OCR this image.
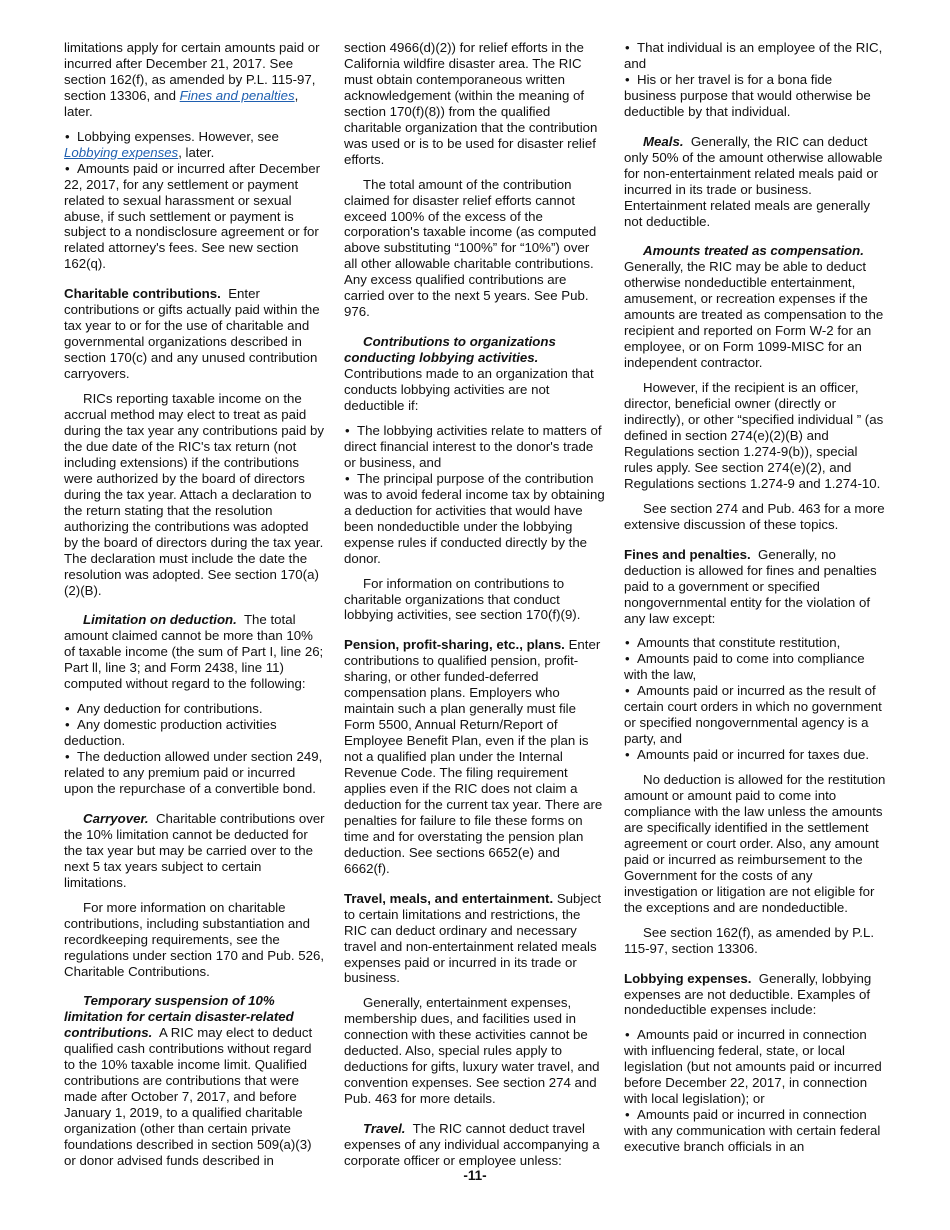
limitations apply for certain amounts paid or incurred after December 21, 2017. See section 162(f), as amended by P.L. 115-97, section 13306, and Fines and penalties, later.

• Lobbying expenses. However, see Lobbying expenses, later.

• Amounts paid or incurred after December 22, 2017, for any settlement or payment related to sexual harassment or sexual abuse, if such settlement or payment is subject to a nondisclosure agreement or for related attorney's fees. See new section 162(q).

Charitable contributions. Enter contributions or gifts actually paid within the tax year to or for the use of charitable and governmental organizations described in section 170(c) and any unused contribution carryovers.

RICs reporting taxable income on the accrual method may elect to treat as paid during the tax year any contributions paid by the due date of the RIC's tax return (not including extensions) if the contributions were authorized by the board of directors during the tax year. Attach a declaration to the return stating that the resolution authorizing the contributions was adopted by the board of directors during the tax year. The declaration must include the date the resolution was adopted. See section 170(a)(2)(B).

Limitation on deduction. The total amount claimed cannot be more than 10% of taxable income (the sum of Part I, line 26; Part ll, line 3; and Form 2438, line 11) computed without regard to the following:

• Any deduction for contributions.

• Any domestic production activities deduction.

• The deduction allowed under section 249, related to any premium paid or incurred upon the repurchase of a convertible bond.

Carryover. Charitable contributions over the 10% limitation cannot be deducted for the tax year but may be carried over to the next 5 tax years subject to certain limitations.

For more information on charitable contributions, including substantiation and recordkeeping requirements, see the regulations under section 170 and Pub. 526, Charitable Contributions.

Temporary suspension of 10% limitation for certain disaster-related contributions. A RIC may elect to deduct qualified cash contributions without regard to the 10% taxable income limit. Qualified contributions are contributions that were made after October 7, 2017, and before January 1, 2019, to a qualified charitable organization (other than certain private foundations described in section 509(a)(3) or donor advised funds described in

section 4966(d)(2)) for relief efforts in the California wildfire disaster area. The RIC must obtain contemporaneous written acknowledgement (within the meaning of section 170(f)(8)) from the qualified charitable organization that the contribution was used or is to be used for disaster relief efforts.

The total amount of the contribution claimed for disaster relief efforts cannot exceed 100% of the excess of the corporation's taxable income (as computed above substituting “100%” for “10%”) over all other allowable charitable contributions. Any excess qualified contributions are carried over to the next 5 years. See Pub. 976.

Contributions to organizations conducting lobbying activities.
Contributions made to an organization that conducts lobbying activities are not deductible if:

• The lobbying activities relate to matters of direct financial interest to the donor's trade or business, and

• The principal purpose of the contribution was to avoid federal income tax by obtaining a deduction for activities that would have been nondeductible under the lobbying expense rules if conducted directly by the donor.

For information on contributions to charitable organizations that conduct lobbying activities, see section 170(f)(9).

Pension, profit-sharing, etc., plans. Enter contributions to qualified pension, profit-sharing, or other funded-deferred compensation plans. Employers who maintain such a plan generally must file Form 5500, Annual Return/Report of Employee Benefit Plan, even if the plan is not a qualified plan under the Internal Revenue Code. The filing requirement applies even if the RIC does not claim a deduction for the current tax year. There are penalties for failure to file these forms on time and for overstating the pension plan deduction. See sections 6652(e) and 6662(f).

Travel, meals, and entertainment. Subject to certain limitations and restrictions, the RIC can deduct ordinary and necessary travel and non-entertainment related meals expenses paid or incurred in its trade or business.

Generally, entertainment expenses, membership dues, and facilities used in connection with these activities cannot be deducted. Also, special rules apply to deductions for gifts, luxury water travel, and convention expenses. See section 274 and Pub. 463 for more details.

Travel. The RIC cannot deduct travel expenses of any individual accompanying a corporate officer or employee unless:

• That individual is an employee of the RIC, and

• His or her travel is for a bona fide business purpose that would otherwise be deductible by that individual.

Meals. Generally, the RIC can deduct only 50% of the amount otherwise allowable for non-entertainment related meals paid or incurred in its trade or business. Entertainment related meals are generally not deductible.

Amounts treated as compensation.
Generally, the RIC may be able to deduct otherwise nondeductible entertainment, amusement, or recreation expenses if the amounts are treated as compensation to the recipient and reported on Form W-2 for an employee, or on Form 1099-MISC for an independent contractor.

However, if the recipient is an officer, director, beneficial owner (directly or indirectly), or other “specified individual ” (as defined in section 274(e)(2)(B) and Regulations section 1.274-9(b)), special rules apply. See section 274(e)(2), and Regulations sections 1.274-9 and 1.274-10.

See section 274 and Pub. 463 for a more extensive discussion of these topics.

Fines and penalties. Generally, no deduction is allowed for fines and penalties paid to a government or specified nongovernmental entity for the violation of any law except:

• Amounts that constitute restitution,

• Amounts paid to come into compliance with the law,

• Amounts paid or incurred as the result of certain court orders in which no government or specified nongovernmental agency is a party, and

• Amounts paid or incurred for taxes due.

No deduction is allowed for the restitution amount or amount paid to come into compliance with the law unless the amounts are specifically identified in the settlement agreement or court order. Also, any amount paid or incurred as reimbursement to the Government for the costs of any investigation or litigation are not eligible for the exceptions and are nondeductible.

See section 162(f), as amended by P.L. 115-97, section 13306.

Lobbying expenses. Generally, lobbying expenses are not deductible. Examples of nondeductible expenses include:

• Amounts paid or incurred in connection with influencing federal, state, or local legislation (but not amounts paid or incurred before December 22, 2017, in connection with local legislation); or

• Amounts paid or incurred in connection with any communication with certain federal executive branch officials in an

-11-
